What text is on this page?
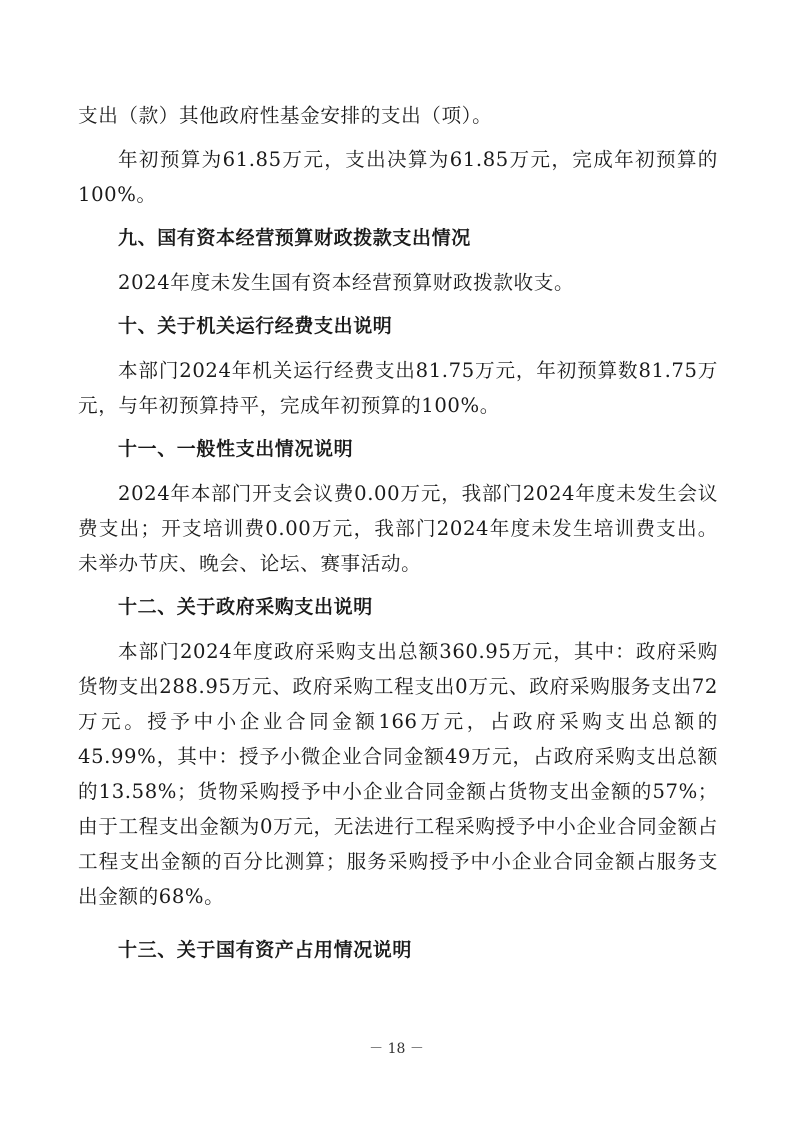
支出（款）其他政府性基金安排的支出（项）。

年初预算为61.85万元，支出决算为61.85万元，完成年初预算的100%。

九、国有资本经营预算财政拨款支出情况

2024年度未发生国有资本经营预算财政拨款收支。

十、关于机关运行经费支出说明

本部门2024年机关运行经费支出81.75万元，年初预算数81.75万元，与年初预算持平，完成年初预算的100%。

十一、一般性支出情况说明

2024年本部门开支会议费0.00万元，我部门2024年度未发生会议费支出；开支培训费0.00万元，我部门2024年度未发生培训费支出。未举办节庆、晚会、论坛、赛事活动。

十二、关于政府采购支出说明

本部门2024年度政府采购支出总额360.95万元，其中：政府采购货物支出288.95万元、政府采购工程支出0万元、政府采购服务支出72万元。授予中小企业合同金额166万元，占政府采购支出总额的45.99%，其中：授予小微企业合同金额49万元，占政府采购支出总额的13.58%；货物采购授予中小企业合同金额占货物支出金额的57%；由于工程支出金额为0万元，无法进行工程采购授予中小企业合同金额占工程支出金额的百分比测算；服务采购授予中小企业合同金额占服务支出金额的68%。

十三、关于国有资产占用情况说明

－ 18 －
